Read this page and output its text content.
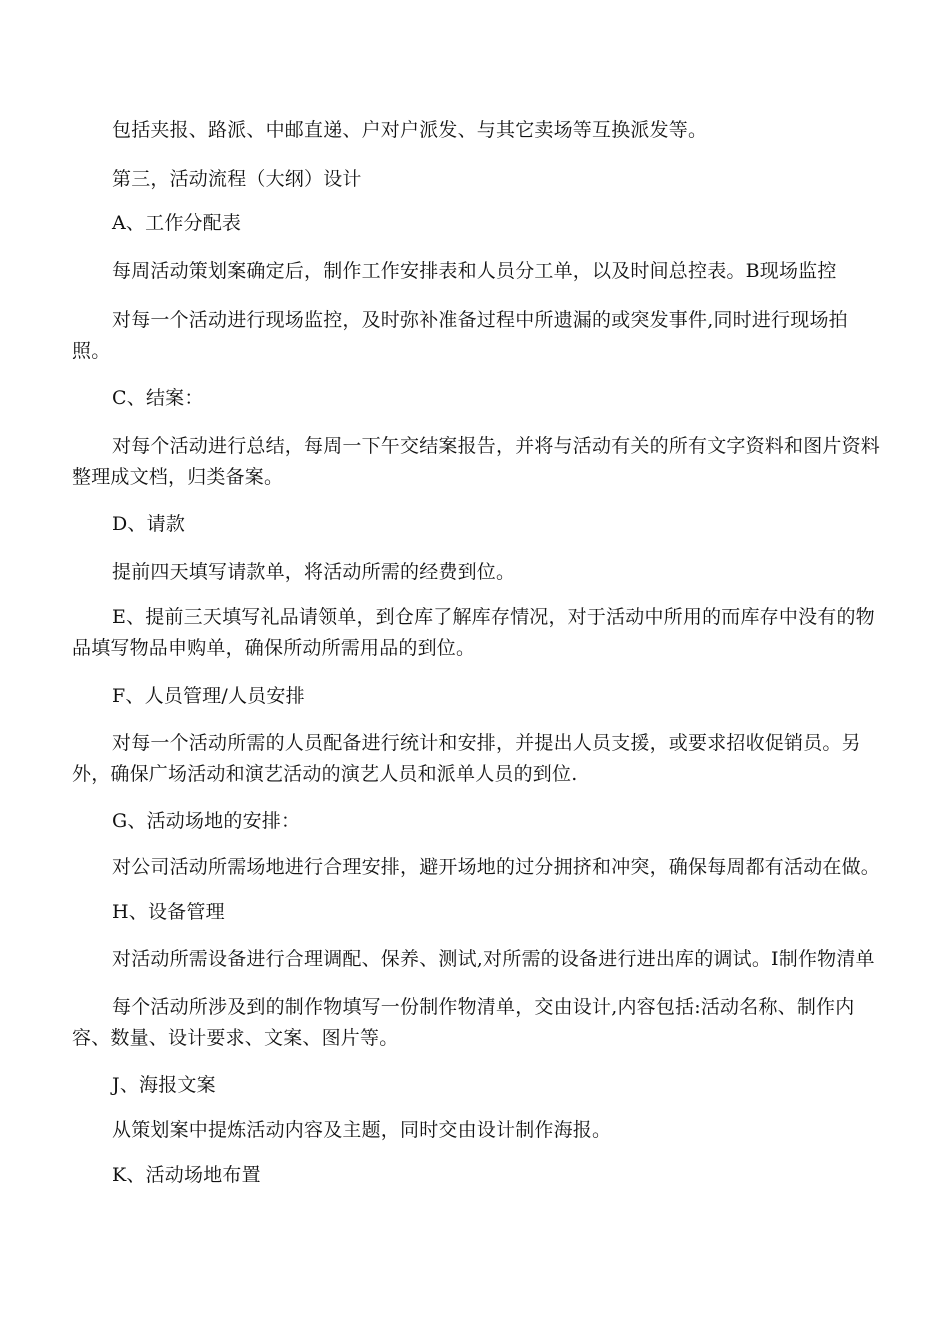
包括夹报、路派、中邮直递、户对户派发、与其它卖场等互换派发等。
第三，活动流程（大纲）设计
A、工作分配表
每周活动策划案确定后，制作工作安排表和人员分工单，以及时间总控表。B现场监控
对每一个活动进行现场监控，及时弥补准备过程中所遗漏的或突发事件,同时进行现场拍
照。
C、结案：
对每个活动进行总结，每周一下午交结案报告，并将与活动有关的所有文字资料和图片资料
整理成文档，归类备案。
D、请款
提前四天填写请款单，将活动所需的经费到位。
E、提前三天填写礼品请领单，到仓库了解库存情况，对于活动中所用的而库存中没有的物
品填写物品申购单，确保所动所需用品的到位。
F、人员管理/人员安排
对每一个活动所需的人员配备进行统计和安排，并提出人员支援，或要求招收促销员。另
外，确保广场活动和演艺活动的演艺人员和派单人员的到位.
G、活动场地的安排：
对公司活动所需场地进行合理安排，避开场地的过分拥挤和冲突，确保每周都有活动在做。
H、设备管理
对活动所需设备进行合理调配、保养、测试,对所需的设备进行进出库的调试。I制作物清单
每个活动所涉及到的制作物填写一份制作物清单，交由设计,内容包括:活动名称、制作内
容、数量、设计要求、文案、图片等。
J、海报文案
从策划案中提炼活动内容及主题，同时交由设计制作海报。
K、活动场地布置
